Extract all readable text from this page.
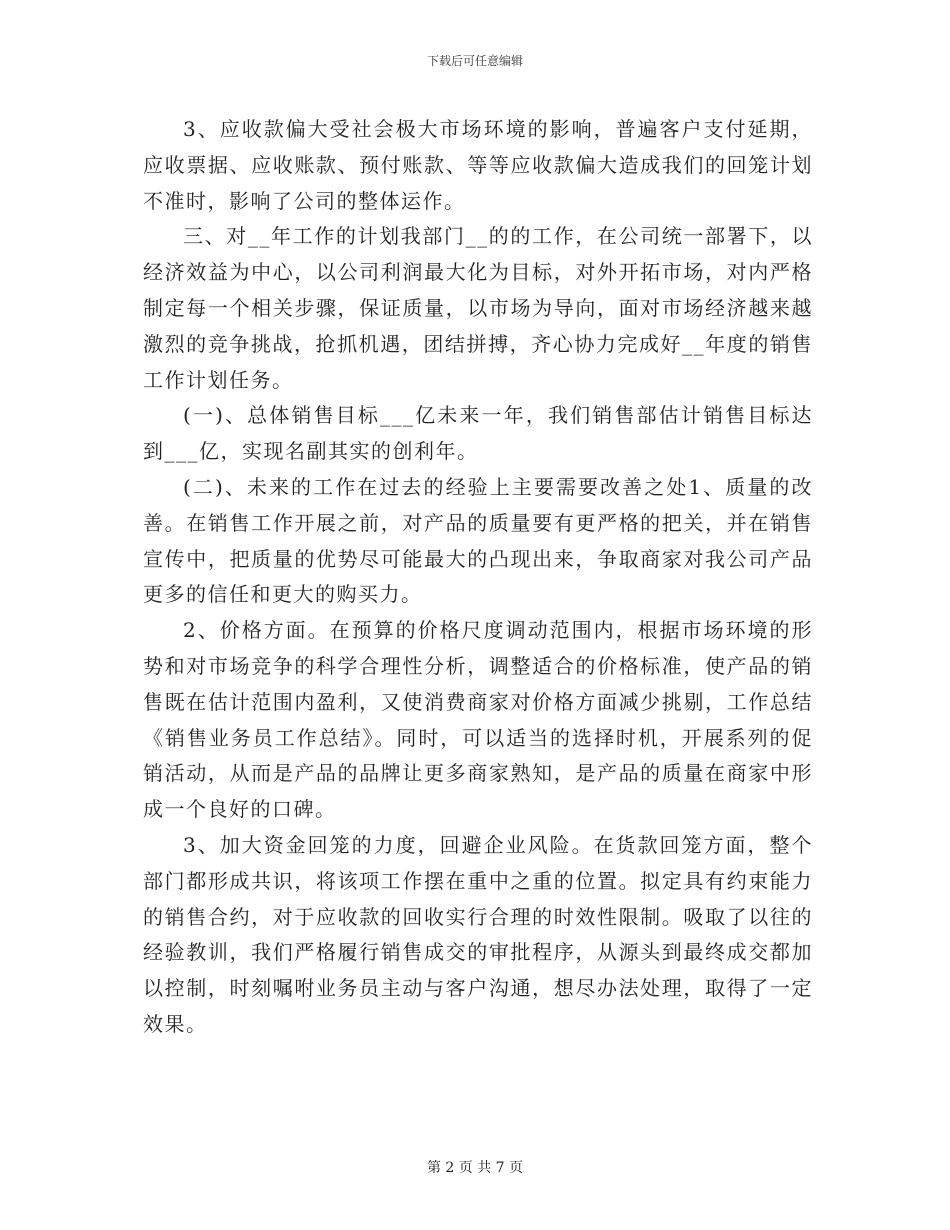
下载后可任意编辑

3、应收款偏大受社会极大市场环境的影响，普遍客户支付延期，应收票据、应收账款、预付账款、等等应收款偏大造成我们的回笼计划不准时，影响了公司的整体运作。

三、对__年工作的计划我部门__的的工作，在公司统一部署下，以经济效益为中心，以公司利润最大化为目标，对外开拓市场，对内严格制定每一个相关步骤，保证质量，以市场为导向，面对市场经济越来越激烈的竞争挑战，抢抓机遇，团结拼搏，齐心协力完成好__年度的销售工作计划任务。

(一)、总体销售目标___亿未来一年，我们销售部估计销售目标达到___亿，实现名副其实的创利年。

(二)、未来的工作在过去的经验上主要需要改善之处1、质量的改善。在销售工作开展之前，对产品的质量要有更严格的把关，并在销售宣传中，把质量的优势尽可能最大的凸现出来，争取商家对我公司产品更多的信任和更大的购买力。

2、价格方面。在预算的价格尺度调动范围内，根据市场环境的形势和对市场竞争的科学合理性分析，调整适合的价格标准，使产品的销售既在估计范围内盈利，又使消费商家对价格方面减少挑剔，工作总结《销售业务员工作总结》。同时，可以适当的选择时机，开展系列的促销活动，从而是产品的品牌让更多商家熟知，是产品的质量在商家中形成一个良好的口碑。

3、加大资金回笼的力度，回避企业风险。在货款回笼方面，整个部门都形成共识，将该项工作摆在重中之重的位置。拟定具有约束能力的销售合约，对于应收款的回收实行合理的时效性限制。吸取了以往的经验教训，我们严格履行销售成交的审批程序，从源头到最终成交都加以控制，时刻嘱咐业务员主动与客户沟通，想尽办法处理，取得了一定效果。

第 2 页 共 7 页
